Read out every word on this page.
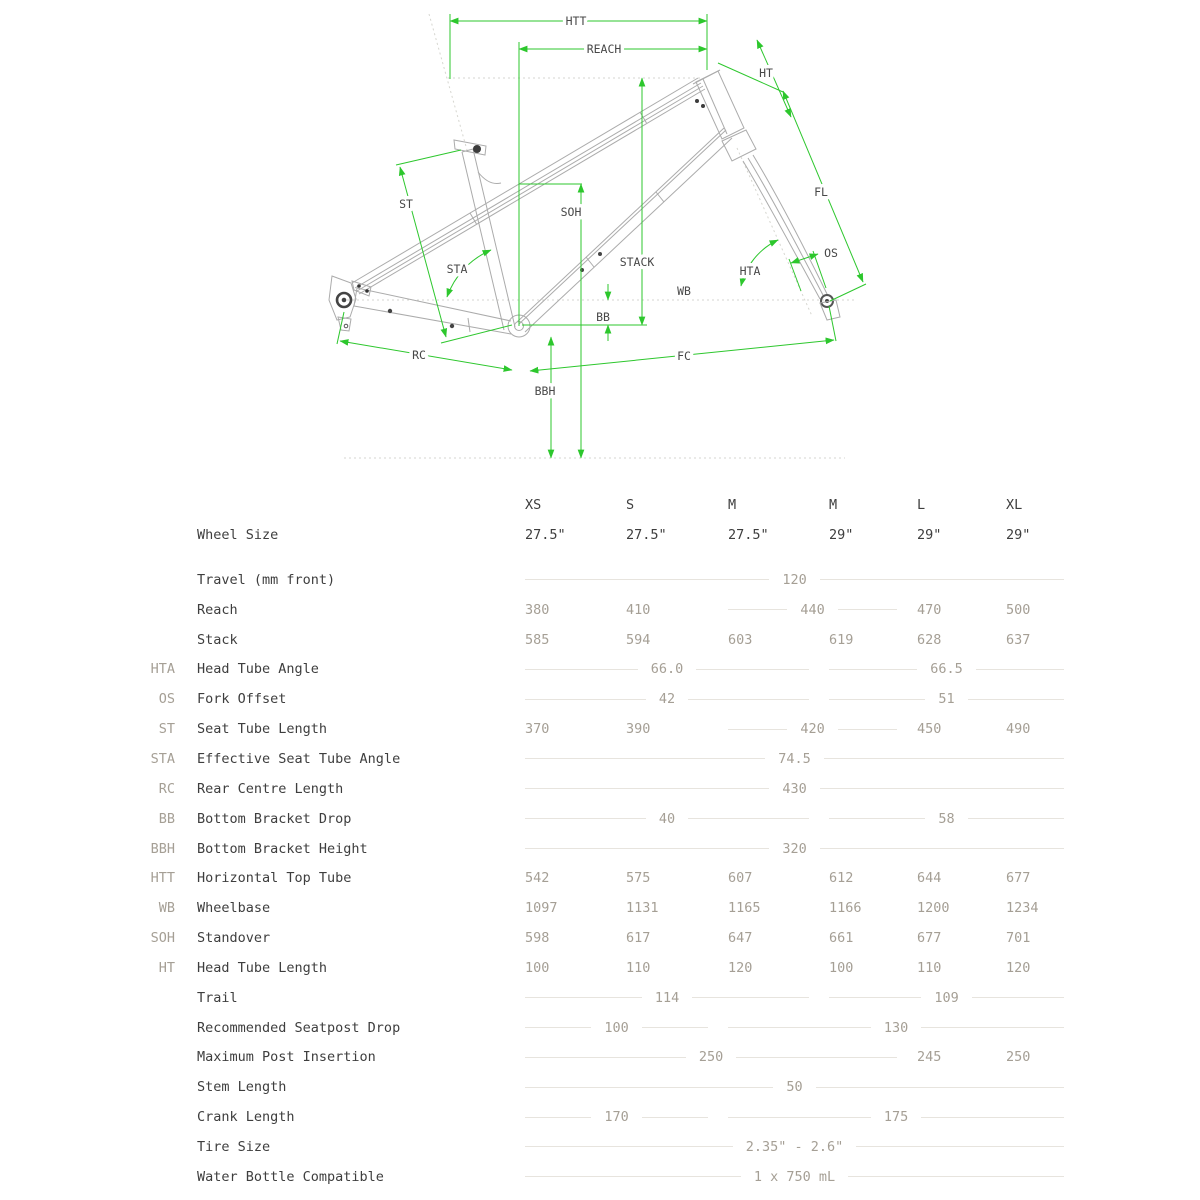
HTT
REACH
HT
FL
OS
HTA
WB
BB
STACK
SOH
ST
STA
RC	FC
BBH
XS	S	M	M	L	XL
Wheel Size	27.5"	27.5"	27.5"	29"	29"	29"
Travel (mm front)	120
Reach	380	410	440	470	500
Stack	585	594	603	619	628	637
HTA	Head Tube Angle	66.0	66.5
OS	Fork Offset	42	51
ST	Seat Tube Length	370	390	420	450	490
STA	Effective Seat Tube Angle	74.5
RC	Rear Centre Length	430
BB	Bottom Bracket Drop	40	58
BBH	Bottom Bracket Height	320
HTT	Horizontal Top Tube	542	575	607	612	644	677
WB	Wheelbase	1097	1131	1165	1166	1200	1234
SOH	Standover	598	617	647	661	677	701
HT	Head Tube Length	100	110	120	100	110	120
Trail	114	109
Recommended Seatpost Drop	100	130
Maximum Post Insertion	250	245	250
Stem Length	50
Crank Length	170	175
Tire Size	2.35" - 2.6"
Water Bottle Compatible	1 x 750 mL
